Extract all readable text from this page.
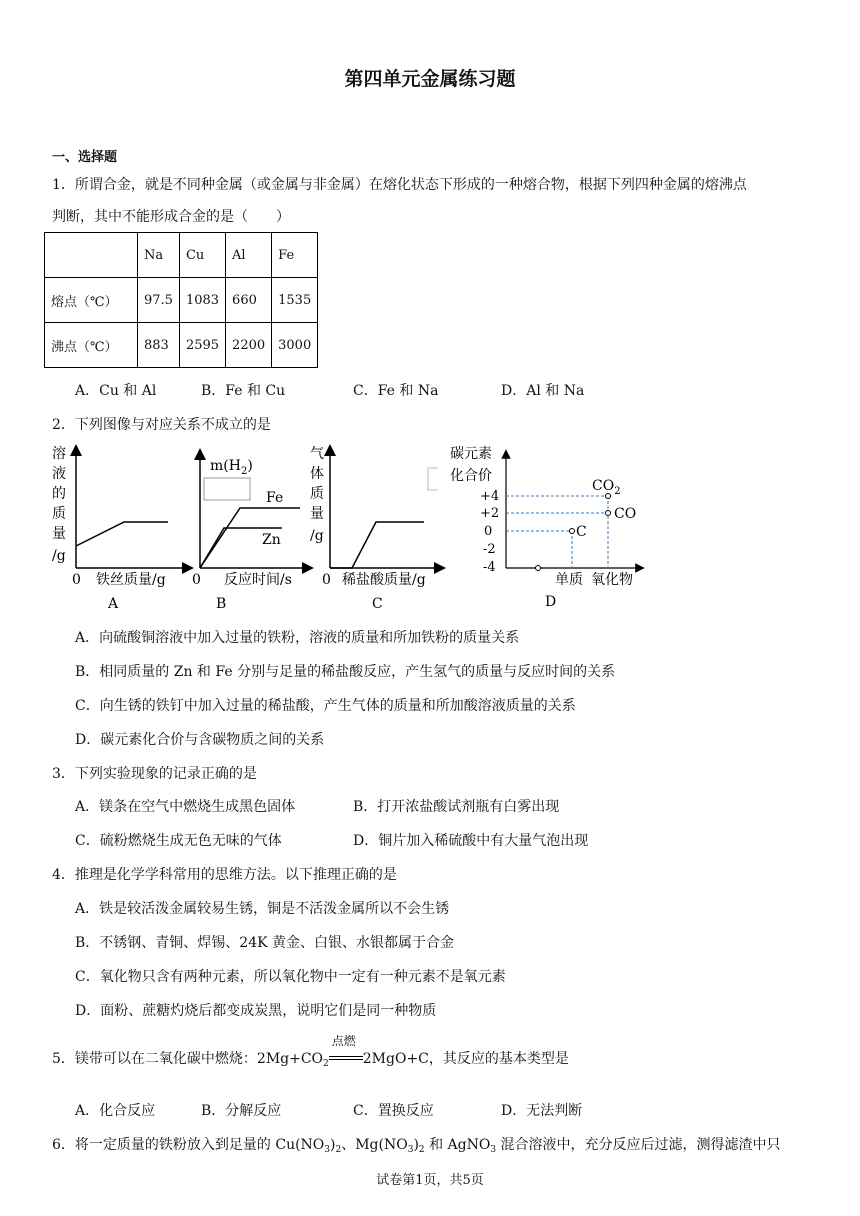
第四单元金属练习题
一、选择题
1．所谓合金，就是不同种金属（或金属与非金属）在熔化状态下形成的一种熔合物，根据下列四种金属的熔沸点
判断，其中不能形成合金的是（　　）
	Na	Cu	Al	Fe
熔点（℃）	97.5	1083	660	1535
沸点（℃）	883	2595	2200	3000
A．Cu 和 Al	B．Fe 和 Cu	C．Fe 和 Na	D．Al 和 Na
2．下列图像与对应关系不成立的是
溶
液
的
质
量
/g
0 铁丝质量/g
A
$m(H_2)$
Fe
Zn
0 反应时间/s
B
气
体
质
量
/g
0 稀盐酸质量/g
C
碳元素
化合价
+4
+2
0
-2
-4
$CO_2$
CO
C
单质 氧化物
D
A．向硫酸铜溶液中加入过量的铁粉，溶液的质量和所加铁粉的质量关系
B．相同质量的 Zn 和 Fe 分别与足量的稀盐酸反应，产生氢气的质量与反应时间的关系
C．向生锈的铁钉中加入过量的稀盐酸，产生气体的质量和所加酸溶液质量的关系
D．碳元素化合价与含碳物质之间的关系
3．下列实验现象的记录正确的是
A．镁条在空气中燃烧生成黑色固体	B．打开浓盐酸试剂瓶有白雾出现
C．硫粉燃烧生成无色无味的气体	D．铜片加入稀硫酸中有大量气泡出现
4．推理是化学学科常用的思维方法。以下推理正确的是
A．铁是较活泼金属较易生锈，铜是不活泼金属所以不会生锈
B．不锈钢、青铜、焊锡、24K 黄金、白银、水银都属于合金
C．氧化物只含有两种元素，所以氧化物中一定有一种元素不是氧元素
D．面粉、蔗糖灼烧后都变成炭黑，说明它们是同一种物质
5．镁带可以在二氧化碳中燃烧：$2Mg+CO_2$
点燃
2MgO+C，其反应的基本类型是
A．化合反应	B．分解反应	C．置换反应	D．无法判断
6．将一定质量的铁粉放入到足量的 $Cu(NO_3)_2$、$Mg(NO_3)_2$ 和 AgNO$_3$ 混合溶液中，充分反应后过滤，测得滤渣中只
试卷第1页，共5页
